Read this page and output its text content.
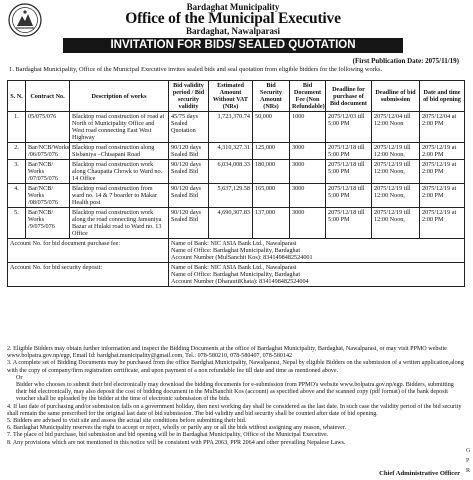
Bardaghat Municipality
Office of the Municipal Executive
Bardaghat, Nawalparasi
INVITATION FOR BIDS/ SEALED QUOTATION
(First Publication Date: 2075/11/19)
1. Bardaghat Municipality, Office of the Municipal Executive invites sealed bids and seal quotation from eligible bidders for the following works.
S. N.	Contract No.	Description of works	Bid validity period / Bid security validity	Estimated Amount Without VAT (NRs)	Bid Security Amount (NRs)	Bid Document Fee (Non Refundable)	Deadline for purchase of Bid document	Deadline of bid submission	Date and time of bid opening
1.	05/075/076	Blacktop road construction of road at North of Municipality Office and West road connecting East West Highway	45/75 days Sealed Quotation	1,723,370.74	50,000	1000	2075/12/03 till 5:00 PM	2075/12/04 till 12:00 Noon	2075/12/04 at 2:00 PM
2.	Bar/NCB/Works /06/075/076	Blacktop road construction along Sisbaniya –Chisapani Road	90/120 days Sealed Bid	4,310,327.31	125,000	3000	2075/12/18 till 5:00 PM	2075/12/19 till 12:00 Noon,	2075/12/19 at 2:00 PM
3.	Bar/NCB/ Works /07/075/076	Blacktop road construction work along Chaupatta Chowk to Ward no. 14 Office	90/120 days Sealed Bid	6,034,008.33	180,000	3000	2075/12/18 till 5:00 PM	2075/12/19 till 12:00 Noon,	2075/12/19 at 2:00 PM
4.	Bar/NCB/ Works /08/075/076	Blacktop road construction from ward no. 14 & 7 boarder to Makar Health post	90/120 days Sealed Bid	5,637,129.58	165,000	3000	2075/12/18 till 5:00 PM	2075/12/19 till 12:00 Noon,	2075/12/19 at 2:00 PM
5.	Bar/NCB/ Works /9/075/076	Blacktop road construction work along the road connecting Jamuniya Bazar at Hulaki road to Ward no. 13 Office	90/120 days Sealed Bid	4,690,307.83	137,000	3000	2075/12/18 till 5:00 PM	2075/12/19 till 12:00 Noon,	2075/12/19 at 2:00 PM
Account No. for bid document purchase fee:			Name of Bank: NIC ASIA Bank Ltd., Nawalparasi
Name of Office: Bardaghat Municipality, Bardaghat
Account Number (MulSanchit Kos): 8341498482524001						

Account No. for bid security deposit:			Name of Bank: NIC ASIA Bank Ltd., Nawalparasi
Name of Office: Bardaghat Municipality, Bardaghat
Account Number (DharautiKhata): 8341498482524004						

2. Eligible Bidders may obtain further information and inspect the Bidding Documents at the office of Bardaghat Municipality, Bardaghat, Nawalparasi, or may visit PPMO website www.bolpatra.gov.np/egp, Email Id: bardghat.municipality@gmail.com, Tel.: 078-580210, 078-580407, 078-580142

3. A complete set of Bidding Documents may be purchased from the office Bardghat Municipality, Nawalparasi, Nepal by eligible Bidders on the submission of a written application,along with the copy of company/firm registration certificate, and upon payment of a non refundable fee till date and time as mentioned above.

Or

Bidder who chooses to submit their bid electronically may download the bidding documents for e-submission from PPMO's website www.bolpatra.gov.np/egp. Bidders, submitting their bid electronically, may also deposit the cost of bidding document in the MulSanchit Kos (account) as specified above and the scanned copy (pdf format) of the bank deposit voucher shall be uploaded by the bidder at the time of electronic submission of the bids.

4. If last date of purchasing and/or submission falls on a government holiday, then next working day shall be considered as the last date. In such case the validity period of the bid security shall remain the same prescribed for the original last date of bid submission. The bid validity and bid security shall be counted after date of bid opening.

5. Bidders are advised to visit site and assess the actual site conditions before submitting their bid.

6. Bardaghat Municipality reserves the right to accept or reject, wholly or partly any or all the bids without assigning any reason, whatever.

7. The place of bid purchase, bid submission and bid opening will be in Bardaghat Municipality, Office of the Municipal Executive.

8. Any provisions which are not mentioned in this notice will be consistent with PPA 2063, PPR 2064 and other prevailing Nepalese Laws.

Chief Administrative Officer
G
P
R
